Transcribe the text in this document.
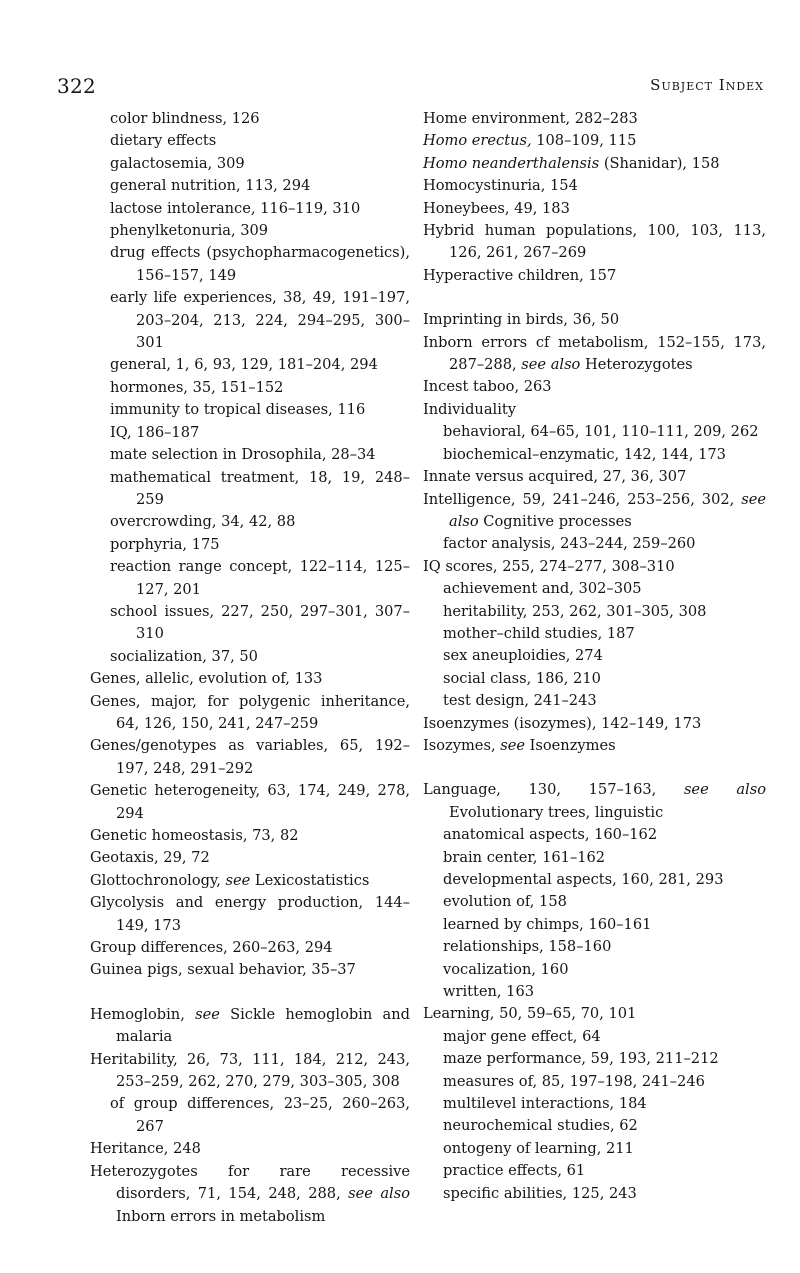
322	Subject Index
color blindness, 126
dietary effects
galactosemia, 309
general nutrition, 113, 294
lactose intolerance, 116–119, 310
phenylketonuria, 309
drug effects (psychopharmacogenetics), 156–157, 149
early life experiences, 38, 49, 191–197, 203–204, 213, 224, 294–295, 300–301
general, 1, 6, 93, 129, 181–204, 294
hormones, 35, 151–152
immunity to tropical diseases, 116
IQ, 186–187
mate selection in Drosophila, 28–34
mathematical treatment, 18, 19, 248–259
overcrowding, 34, 42, 88
porphyria, 175
reaction range concept, 122–114, 125–127, 201
school issues, 227, 250, 297–301, 307–310
socialization, 37, 50
Genes, allelic, evolution of, 133
Genes, major, for polygenic inheritance, 64, 126, 150, 241, 247–259
Genes/genotypes as variables, 65, 192–197, 248, 291–292
Genetic heterogeneity, 63, 174, 249, 278, 294
Genetic homeostasis, 73, 82
Geotaxis, 29, 72
Glottochronology, see Lexicostatistics
Glycolysis and energy production, 144–149, 173
Group differences, 260–263, 294
Guinea pigs, sexual behavior, 35–37
Hemoglobin, see Sickle hemoglobin and malaria
Heritability, 26, 73, 111, 184, 212, 243, 253–259, 262, 270, 279, 303–305, 308
of group differences, 23–25, 260–263, 267
Heritance, 248
Heterozygotes for rare recessive disorders, 71, 154, 248, 288, see also Inborn errors in metabolism
Home environment, 282–283
Homo erectus, 108–109, 115
Homo neanderthalensis (Shanidar), 158
Homocystinuria, 154
Honeybees, 49, 183
Hybrid human populations, 100, 103, 113, 126, 261, 267–269
Hyperactive children, 157
Imprinting in birds, 36, 50
Inborn errors cf metabolism, 152–155, 173, 287–288, see also Heterozygotes
Incest taboo, 263
Individuality
behavioral, 64–65, 101, 110–111, 209, 262
biochemical–enzymatic, 142, 144, 173
Innate versus acquired, 27, 36, 307
Intelligence, 59, 241–246, 253–256, 302, see also Cognitive processes
factor analysis, 243–244, 259–260
IQ scores, 255, 274–277, 308–310
achievement and, 302–305
heritability, 253, 262, 301–305, 308
mother–child studies, 187
sex aneuploidies, 274
social class, 186, 210
test design, 241–243
Isoenzymes (isozymes), 142–149, 173
Isozymes, see Isoenzymes
Language, 130, 157–163, see also Evolutionary trees, linguistic
anatomical aspects, 160–162
brain center, 161–162
developmental aspects, 160, 281, 293
evolution of, 158
learned by chimps, 160–161
relationships, 158–160
vocalization, 160
written, 163
Learning, 50, 59–65, 70, 101
major gene effect, 64
maze performance, 59, 193, 211–212
measures of, 85, 197–198, 241–246
multilevel interactions, 184
neurochemical studies, 62
ontogeny of learning, 211
practice effects, 61
specific abilities, 125, 243
